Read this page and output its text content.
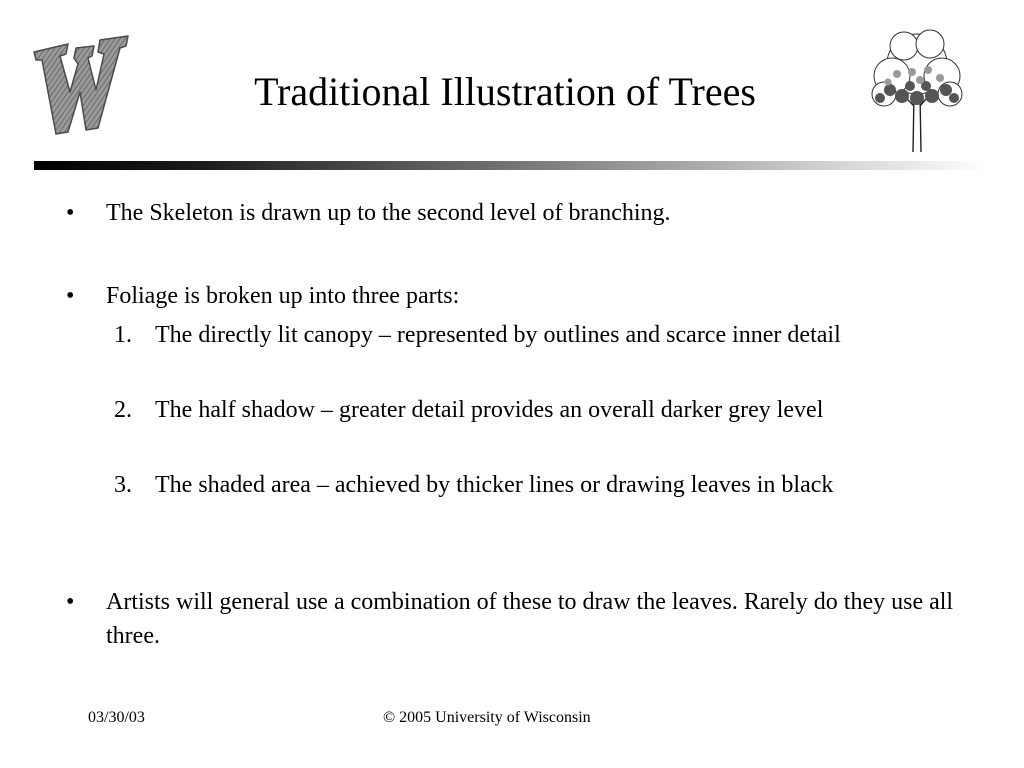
Traditional Illustration of Trees
• The Skeleton is drawn up to the second level of branching.
• Foliage is broken up into three parts:
1. The directly lit canopy – represented by outlines and scarce inner detail
2. The half shadow – greater detail provides an overall darker grey level
3. The shaded area – achieved by thicker lines or drawing leaves in black
• Artists will general use a combination of these to draw the leaves. Rarely do they use all three.
03/30/03	© 2005 University of Wisconsin
